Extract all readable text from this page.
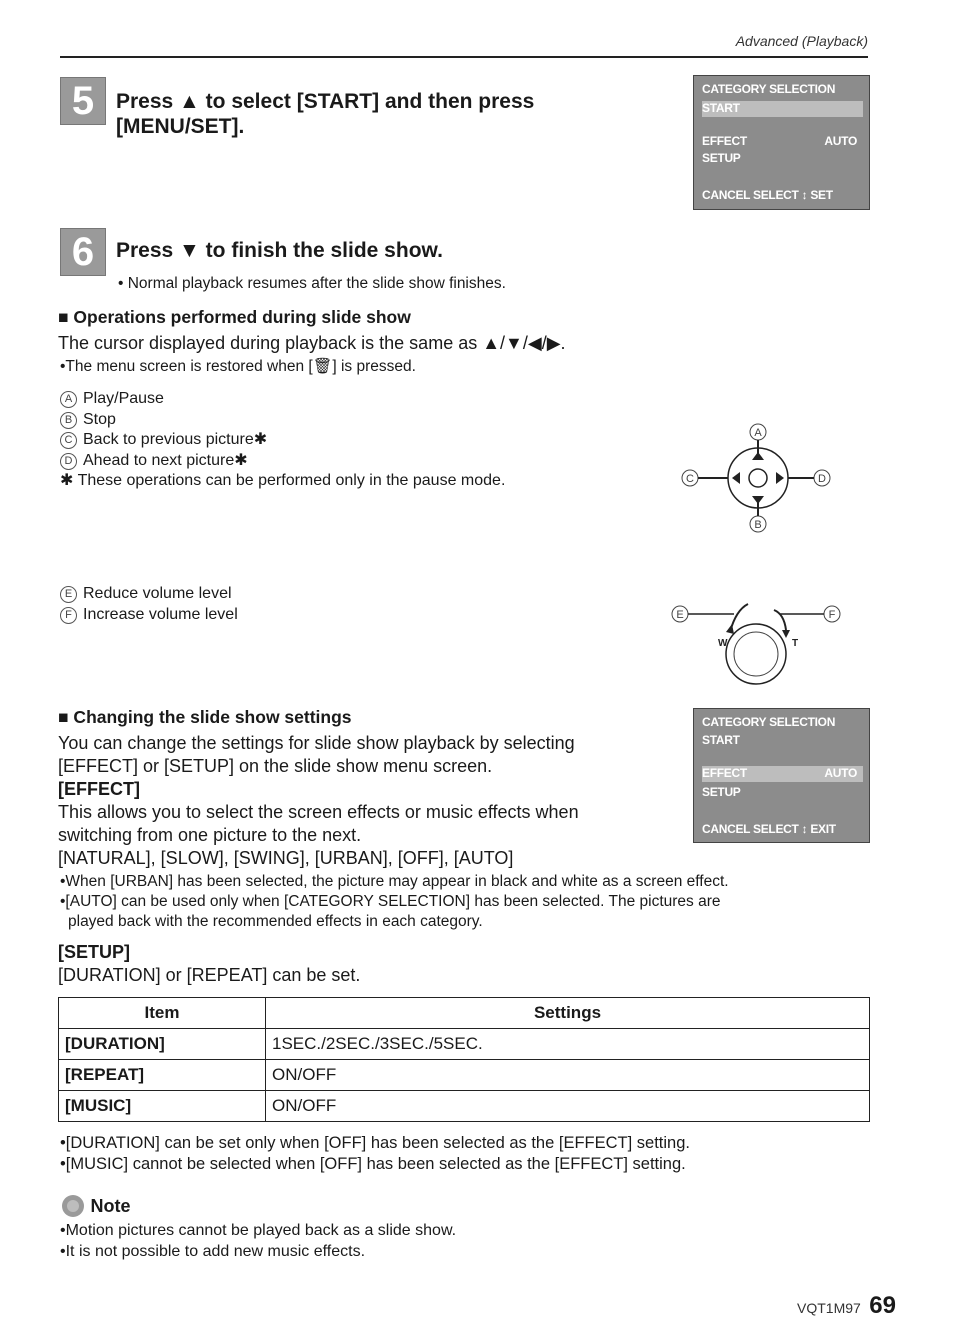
Advanced (Playback)
5	Press ▲ to select [START] and then press
[MENU/SET].
CATEGORY SELECTION
START
EFFECT	AUTO
SETUP
CANCEL SELECT ↕ SET
6	Press ▼ to finish the slide show.
• Normal playback resumes after the slide show finishes.
■ Operations performed during slide show
The cursor displayed during playback is the same as ▲/▼/◀/▶.
•The menu screen is restored when [🗑] is pressed.
A Play/Pause
B Stop
C Back to previous picture✱
D Ahead to next picture✱
✱ These operations can be performed only in the pause mode.
A
B
C	D
E Reduce volume level
F Increase volume level	E	F
W	T
■ Changing the slide show settings
You can change the settings for slide show playback by selecting
[EFFECT] or [SETUP] on the slide show menu screen.
[EFFECT]
This allows you to select the screen effects or music effects when
switching from one picture to the next.
[NATURAL], [SLOW], [SWING], [URBAN], [OFF], [AUTO]
•When [URBAN] has been selected, the picture may appear in black and white as a screen effect.
•[AUTO] can be used only when [CATEGORY SELECTION] has been selected. The pictures are
played back with the recommended effects in each category.
[SETUP]
[DURATION] or [REPEAT] can be set.
CATEGORY SELECTION
START
EFFECT	AUTO
SETUP
CANCEL SELECT ↕ EXIT
Item	Settings
[DURATION]	1SEC./2SEC./3SEC./5SEC.
[REPEAT]	ON/OFF
[MUSIC]	ON/OFF
•[DURATION] can be set only when [OFF] has been selected as the [EFFECT] setting.
•[MUSIC] cannot be selected when [OFF] has been selected as the [EFFECT] setting.
Note
•Motion pictures cannot be played back as a slide show.
•It is not possible to add new music effects.
VQT1M97 69
